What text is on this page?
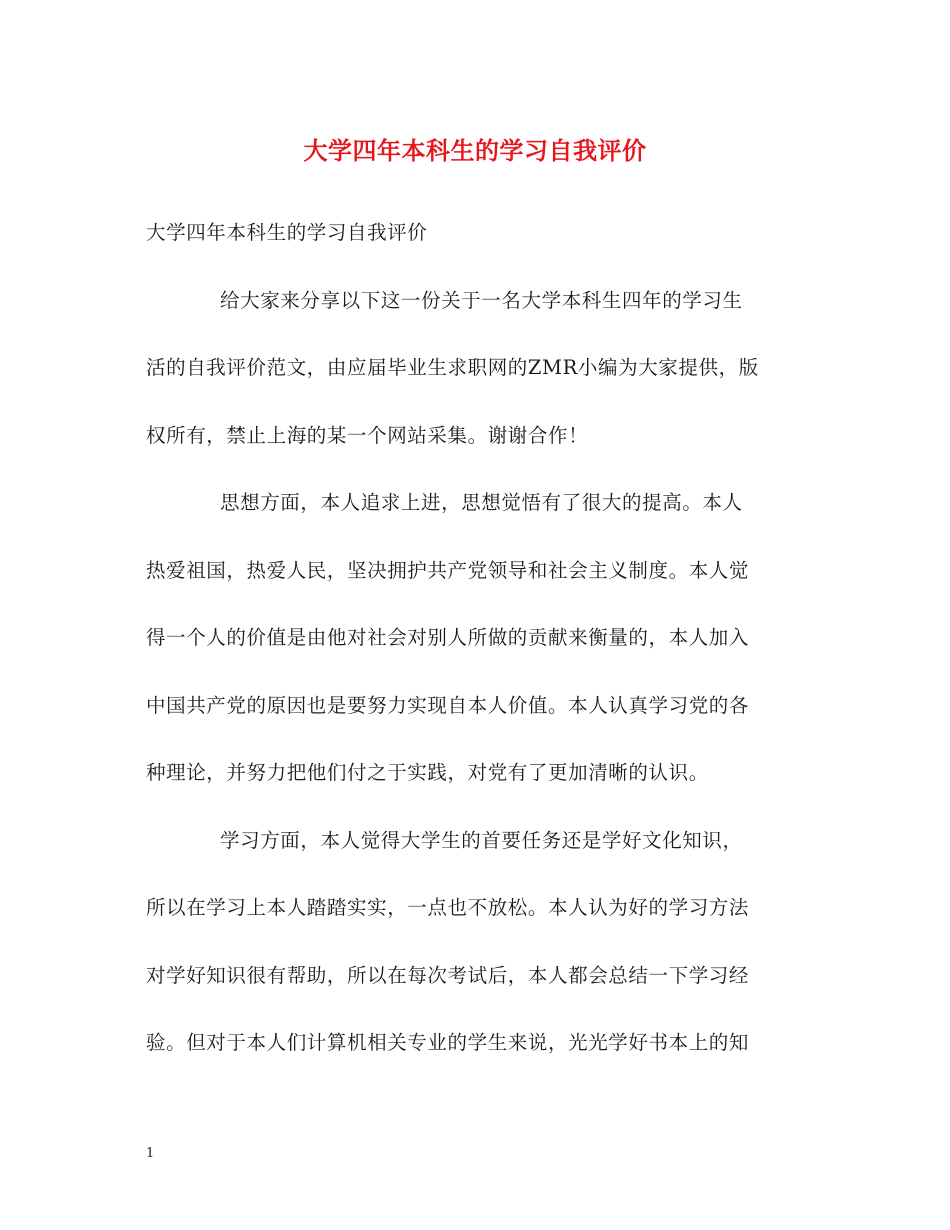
大学四年本科生的学习自我评价
大学四年本科生的学习自我评价
给大家来分享以下这一份关于一名大学本科生四年的学习生
活的自我评价范文，由应届毕业生求职网的ZMR小编为大家提供，版
权所有，禁止上海的某一个网站采集。谢谢合作！
思想方面，本人追求上进，思想觉悟有了很大的提高。本人
热爱祖国，热爱人民，坚决拥护共产党领导和社会主义制度。本人觉
得一个人的价值是由他对社会对别人所做的贡献来衡量的，本人加入
中国共产党的原因也是要努力实现自本人价值。本人认真学习党的各
种理论，并努力把他们付之于实践，对党有了更加清晰的认识。
学习方面，本人觉得大学生的首要任务还是学好文化知识，
所以在学习上本人踏踏实实，一点也不放松。本人认为好的学习方法
对学好知识很有帮助，所以在每次考试后，本人都会总结一下学习经
验。但对于本人们计算机相关专业的学生来说，光光学好书本上的知
1
